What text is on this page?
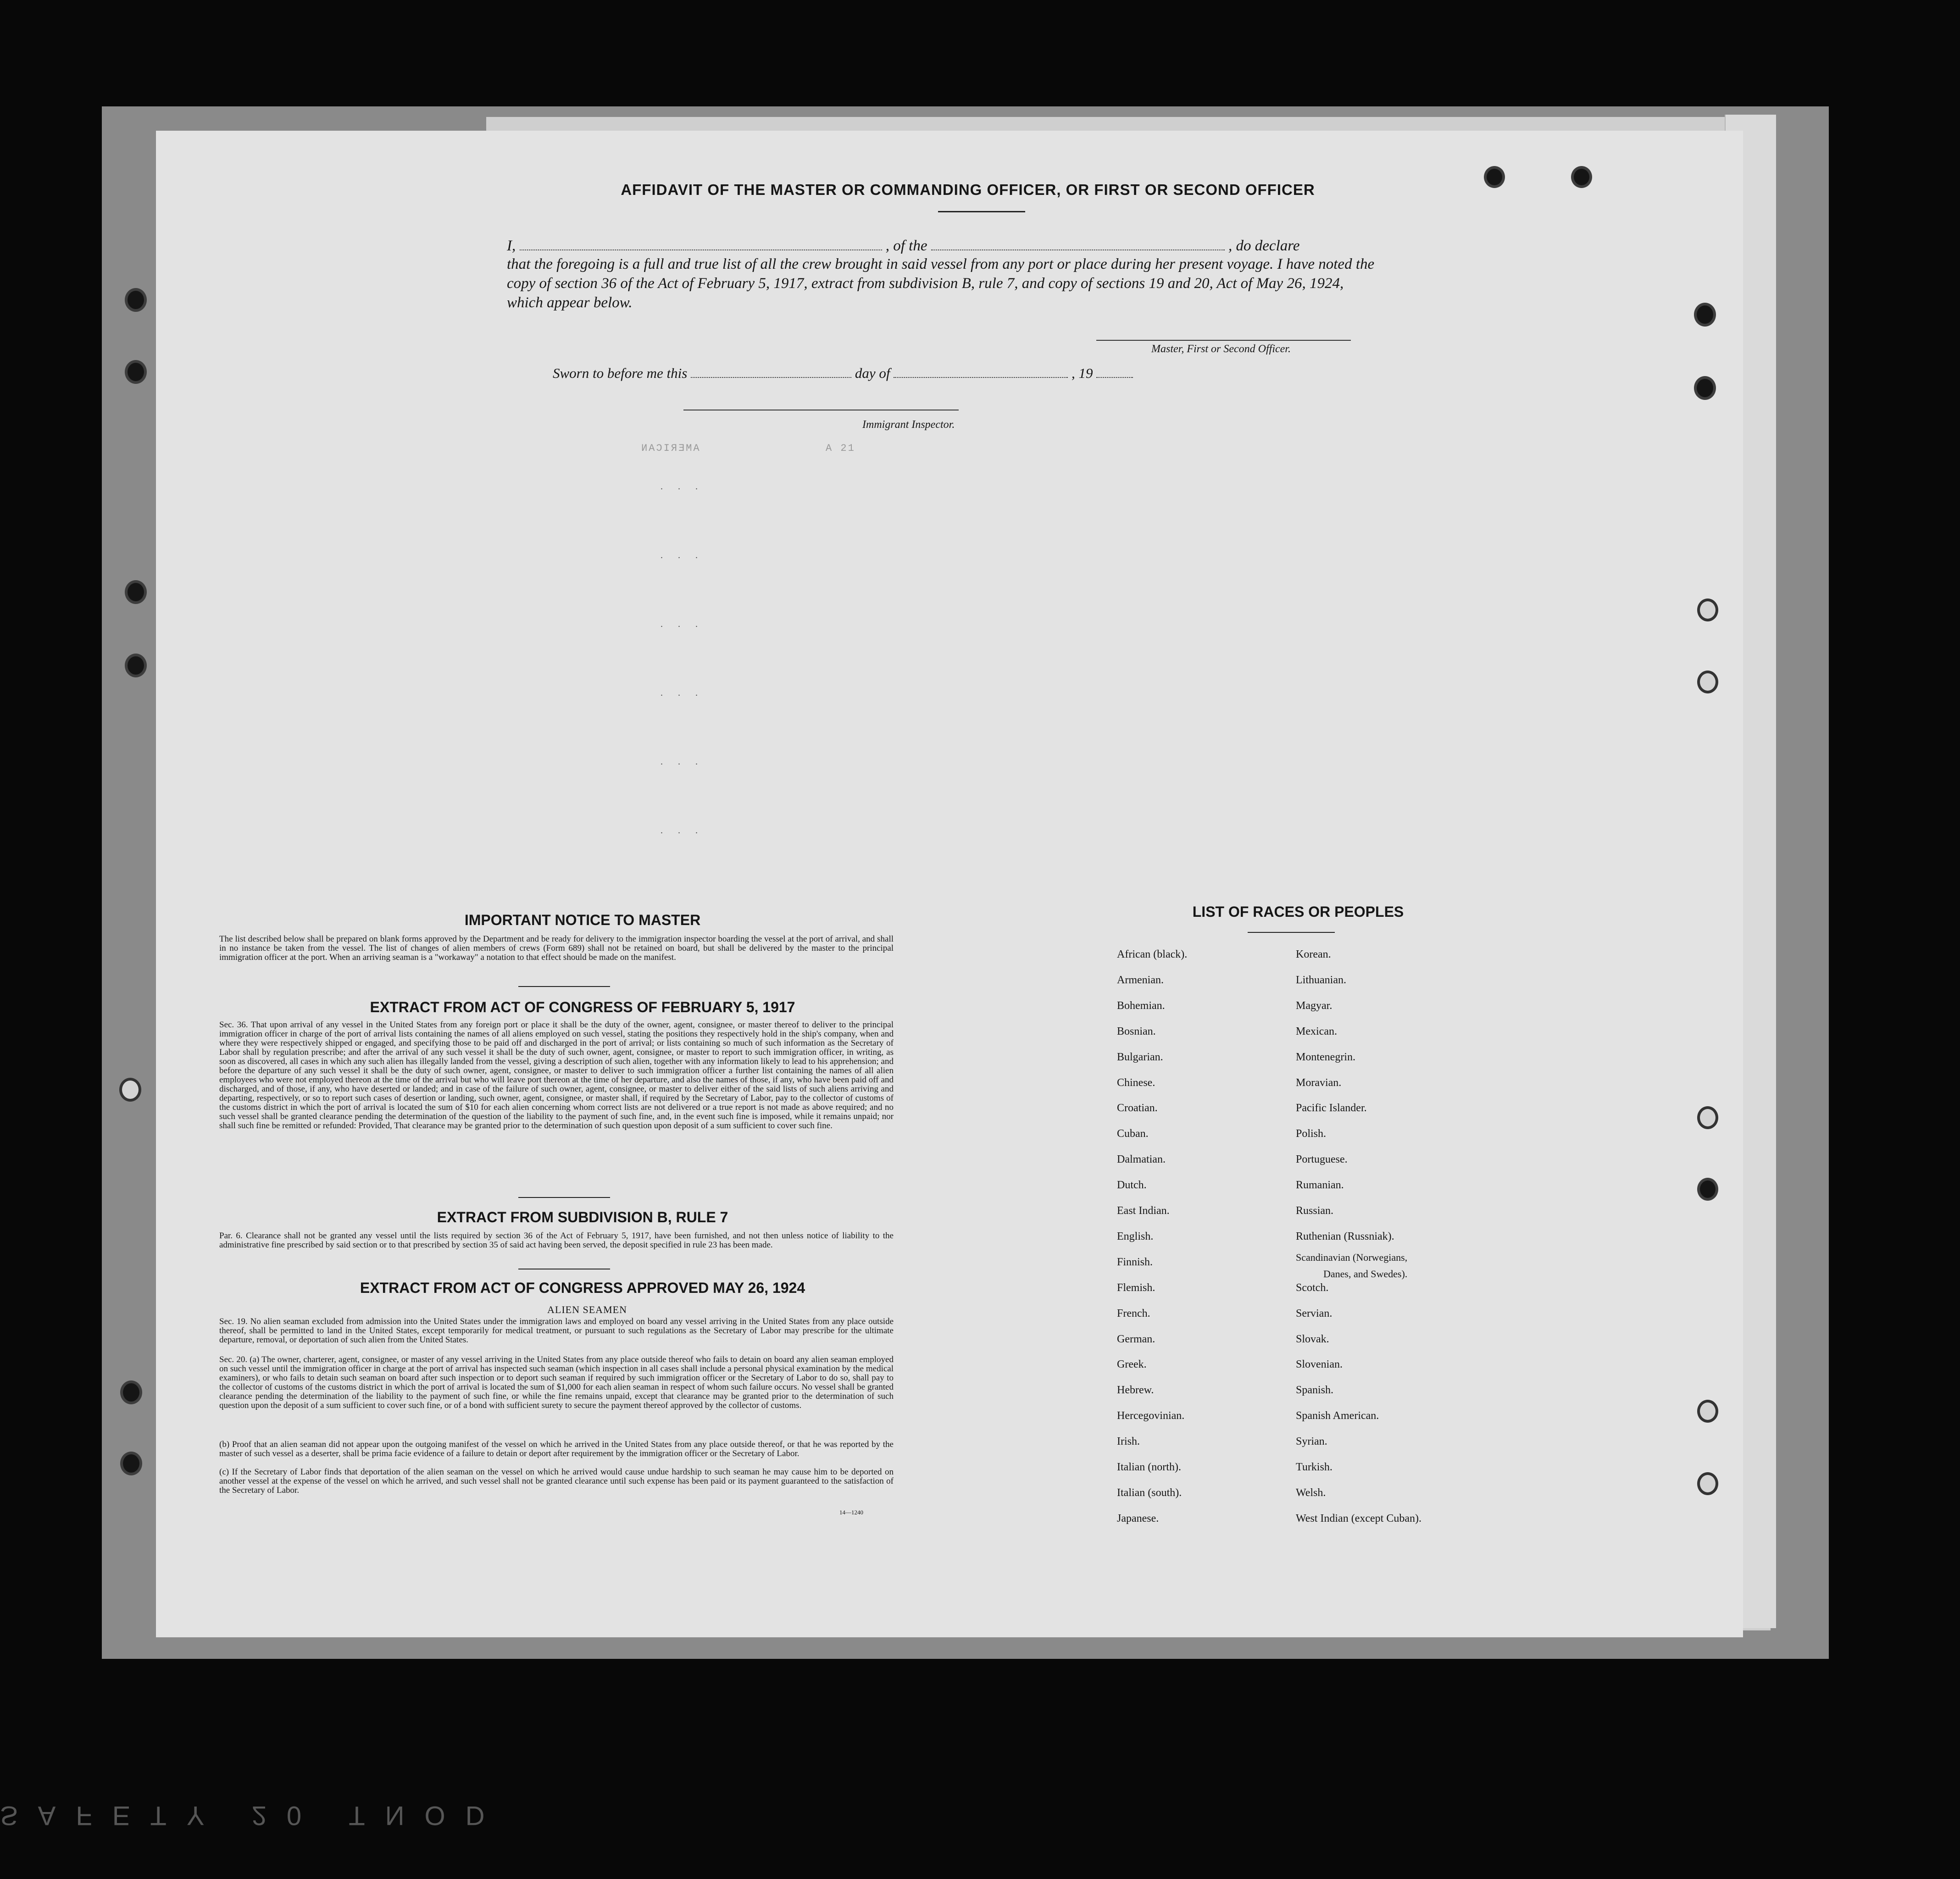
AMERICAN	A 21
. . .
. . .
. . .
. . .
. . .
. . .
AFFIDAVIT OF THE MASTER OR COMMANDING OFFICER, OR FIRST OR SECOND OFFICER
I,	, of the	, do declare
that the foregoing is a full and true list of all the crew brought in said vessel from any port or place during her present voyage. I have noted the copy of section 36 of the Act of February 5, 1917, extract from subdivision B, rule 7, and copy of sections 19 and 20, Act of May 26, 1924, which appear below.
Master, First or Second Officer.
Sworn to before me this	day of	, 19
Immigrant Inspector.
IMPORTANT NOTICE TO MASTER

The list described below shall be prepared on blank forms approved by the Department and be ready for delivery to the immigration inspector boarding the vessel at the port of arrival, and shall in no instance be taken from the vessel. The list of changes of alien members of crews (Form 689) shall not be retained on board, but shall be delivered by the master to the principal immigration officer at the port. When an arriving seaman is a "workaway" a notation to that effect should be made on the manifest.

EXTRACT FROM ACT OF CONGRESS OF FEBRUARY 5, 1917

Sec. 36. That upon arrival of any vessel in the United States from any foreign port or place it shall be the duty of the owner, agent, consignee, or master thereof to deliver to the principal immigration officer in charge of the port of arrival lists containing the names of all aliens employed on such vessel, stating the positions they respectively hold in the ship's company, when and where they were respectively shipped or engaged, and specifying those to be paid off and discharged in the port of arrival; or lists containing so much of such information as the Secretary of Labor shall by regulation prescribe; and after the arrival of any such vessel it shall be the duty of such owner, agent, consignee, or master to report to such immigration officer, in writing, as soon as discovered, all cases in which any such alien has illegally landed from the vessel, giving a description of such alien, together with any information likely to lead to his apprehension; and before the departure of any such vessel it shall be the duty of such owner, agent, consignee, or master to deliver to such immigration officer a further list containing the names of all alien employees who were not employed thereon at the time of the arrival but who will leave port thereon at the time of her departure, and also the names of those, if any, who have been paid off and discharged, and of those, if any, who have deserted or landed; and in case of the failure of such owner, agent, consignee, or master to deliver either of the said lists of such aliens arriving and departing, respectively, or so to report such cases of desertion or landing, such owner, agent, consignee, or master shall, if required by the Secretary of Labor, pay to the collector of customs of the customs district in which the port of arrival is located the sum of $10 for each alien concerning whom correct lists are not delivered or a true report is not made as above required; and no such vessel shall be granted clearance pending the determination of the question of the liability to the payment of such fine, and, in the event such fine is imposed, while it remains unpaid; nor shall such fine be remitted or refunded: Provided, That clearance may be granted prior to the determination of such question upon deposit of a sum sufficient to cover such fine.

EXTRACT FROM SUBDIVISION B, RULE 7

Par. 6. Clearance shall not be granted any vessel until the lists required by section 36 of the Act of February 5, 1917, have been furnished, and not then unless notice of liability to the administrative fine prescribed by said section or to that prescribed by section 35 of said act having been served, the deposit specified in rule 23 has been made.

EXTRACT FROM ACT OF CONGRESS APPROVED MAY 26, 1924
ALIEN SEAMEN

Sec. 19. No alien seaman excluded from admission into the United States under the immigration laws and employed on board any vessel arriving in the United States from any place outside thereof, shall be permitted to land in the United States, except temporarily for medical treatment, or pursuant to such regulations as the Secretary of Labor may prescribe for the ultimate departure, removal, or deportation of such alien from the United States.

Sec. 20. (a) The owner, charterer, agent, consignee, or master of any vessel arriving in the United States from any place outside thereof who fails to detain on board any alien seaman employed on such vessel until the immigration officer in charge at the port of arrival has inspected such seaman (which inspection in all cases shall include a personal physical examination by the medical examiners), or who fails to detain such seaman on board after such inspection or to deport such seaman if required by such immigration officer or the Secretary of Labor to do so, shall pay to the collector of customs of the customs district in which the port of arrival is located the sum of $1,000 for each alien seaman in respect of whom such failure occurs. No vessel shall be granted clearance pending the determination of the liability to the payment of such fine, or while the fine remains unpaid, except that clearance may be granted prior to the determination of such question upon the deposit of a sum sufficient to cover such fine, or of a bond with sufficient surety to secure the payment thereof approved by the collector of customs.

(b) Proof that an alien seaman did not appear upon the outgoing manifest of the vessel on which he arrived in the United States from any place outside thereof, or that he was reported by the master of such vessel as a deserter, shall be prima facie evidence of a failure to detain or deport after requirement by the immigration officer or the Secretary of Labor.

(c) If the Secretary of Labor finds that deportation of the alien seaman on the vessel on which he arrived would cause undue hardship to such seaman he may cause him to be deported on another vessel at the expense of the vessel on which he arrived, and such vessel shall not be granted clearance until such expense has been paid or its payment guaranteed to the satisfaction of the Secretary of Labor.

14—1240
LIST OF RACES OR PEOPLES
African (black).
Armenian.
Bohemian.
Bosnian.
Bulgarian.
Chinese.
Croatian.
Cuban.
Dalmatian.
Dutch.
East Indian.
English.
Finnish.
Flemish.
French.
German.
Greek.
Hebrew.
Hercegovinian.
Irish.
Italian (north).
Italian (south).
Japanese.
Korean.
Lithuanian.
Magyar.
Mexican.
Montenegrin.
Moravian.
Pacific Islander.
Polish.
Portuguese.
Rumanian.
Russian.
Ruthenian (Russniak).
Scandinavian (Norwegians,
Danes, and Swedes).
Scotch.
Servian.
Slovak.
Slovenian.
Spanish.
Spanish American.
Syrian.
Turkish.
Welsh.
West Indian (except Cuban).
SAFETY 20 TNOD
